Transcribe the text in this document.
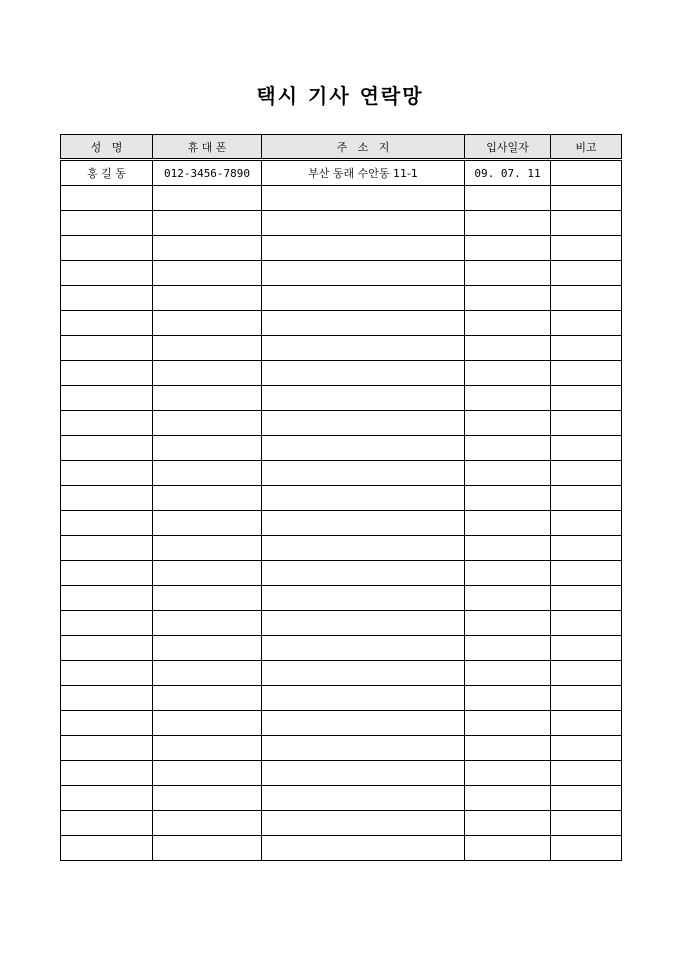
택시 기사 연락망
성   명	휴 대 폰	주   소   지	입사일자	비고
홍 길 동	012-3456-7890	부산 동래 수안동 11-1	09. 07. 11	
